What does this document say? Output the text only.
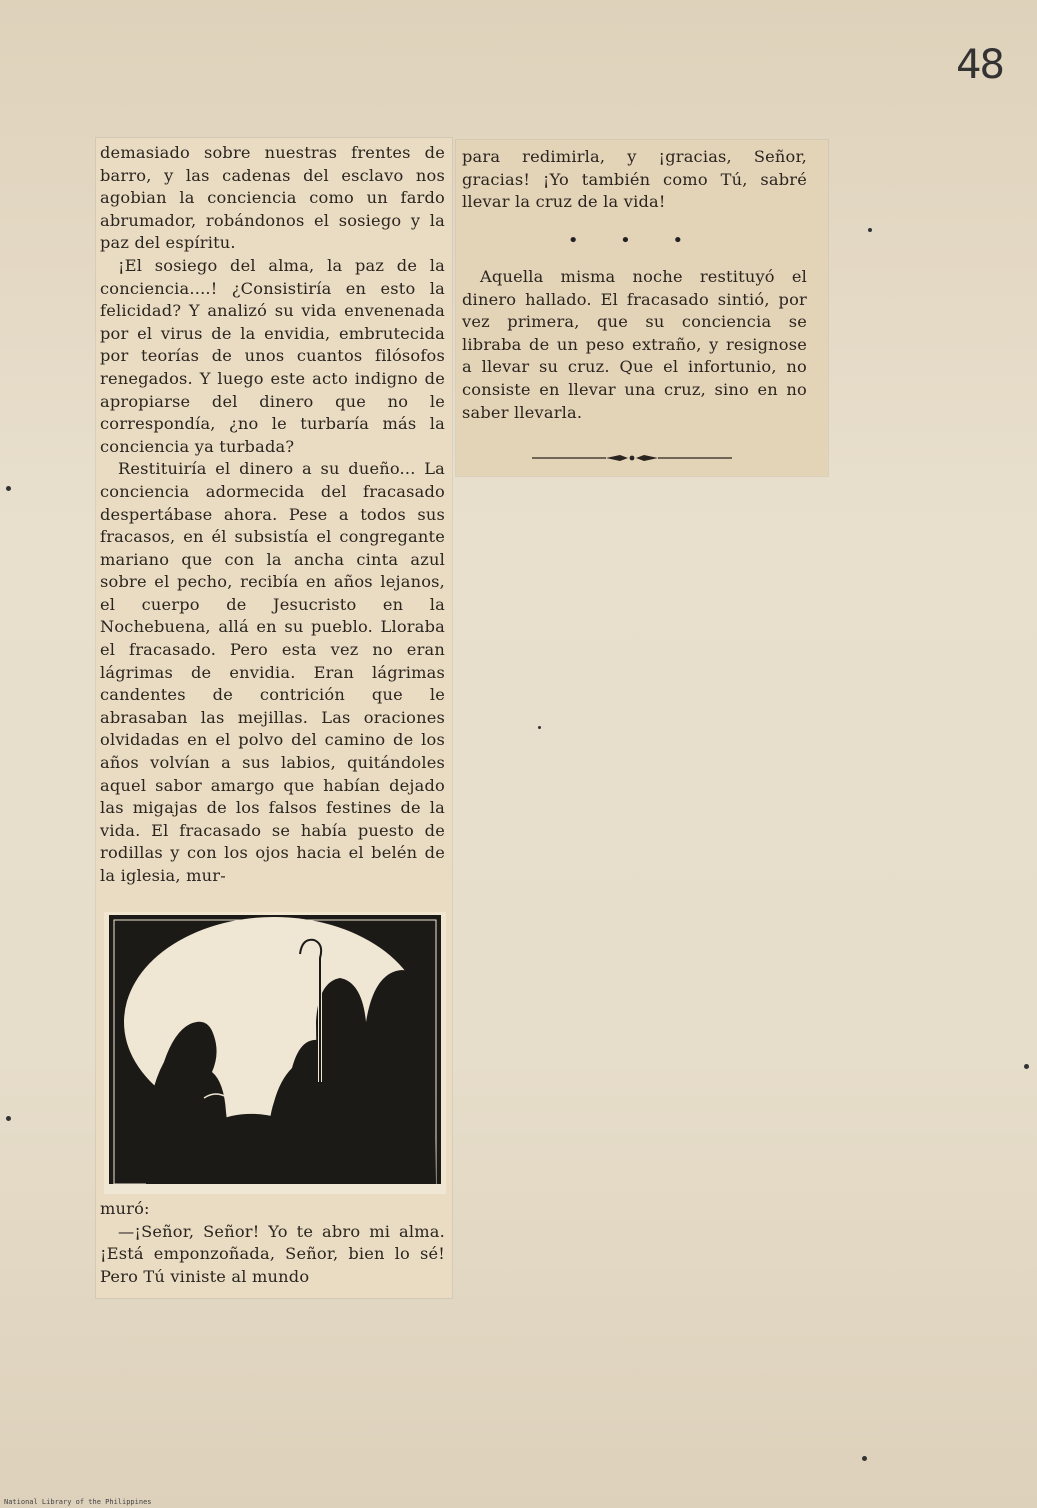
48

demasiado sobre nuestras frentes de barro, y las cadenas del esclavo nos agobian la conciencia como un fardo abrumador, robándonos el sosiego y la paz del espíritu.

¡El sosiego del alma, la paz de la conciencia....! ¿Consistiría en esto la felicidad? Y analizó su vida envenenada por el virus de la envidia, embrutecida por teorías de unos cuantos filósofos renegados. Y luego este acto indigno de apropiarse del dinero que no le correspondía, ¿no le turbaría más la conciencia ya turbada?

Restituiría el dinero a su dueño... La conciencia adormecida del fracasado despertábase ahora. Pese a todos sus fracasos, en él subsistía el congregante mariano que con la ancha cinta azul sobre el pecho, recibía en años lejanos, el cuerpo de Jesucristo en la Nochebuena, allá en su pueblo. Lloraba el fracasado. Pero esta vez no eran lágrimas de envidia. Eran lágrimas candentes de contrición que le abrasaban las mejillas. Las oraciones olvidadas en el polvo del camino de los años volvían a sus labios, quitándoles aquel sabor amargo que habían dejado las migajas de los falsos festines de la vida. El fracasado se había puesto de rodillas y con los ojos hacia el belén de la iglesia, mur-

muró:

—¡Señor, Señor! Yo te abro mi alma. ¡Está emponzoñada, Señor, bien lo sé! Pero Tú viniste al mundo

para redimirla, y ¡gracias, Señor, gracias! ¡Yo también como Tú, sabré llevar la cruz de la vida!

• • •

Aquella misma noche restituyó el dinero hallado. El fracasado sintió, por vez primera, que su conciencia se libraba de un peso extraño, y resignose a llevar su cruz. Que el infortunio, no consiste en llevar una cruz, sino en no saber llevarla.

National Library of the Philippines
